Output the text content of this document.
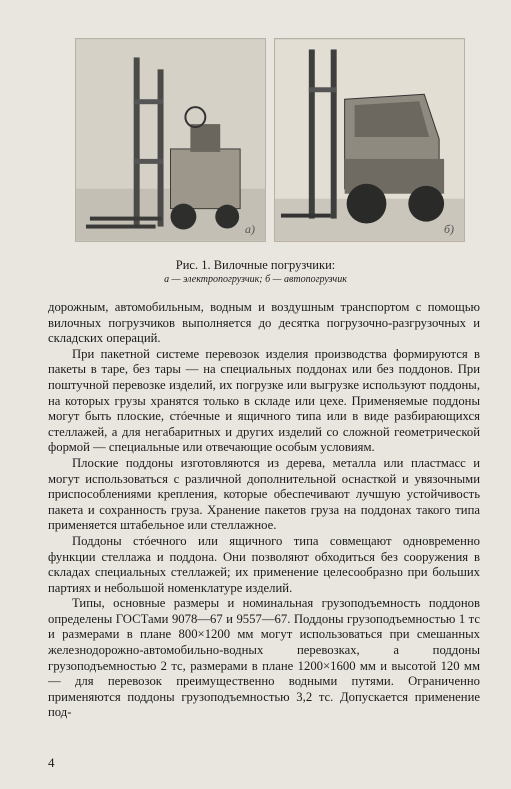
а)	б)
Рис. 1. Вилочные погрузчики:
а — электропогрузчик; б — автопогрузчик

дорожным, автомобильным, водным и воздушным транспортом с помощью вилочных погрузчиков выполняется до десятка погрузочно-разгрузочных и складских операций.

При пакетной системе перевозок изделия производства формируются в пакеты в таре, без тары — на специальных поддонах или без поддонов. При поштучной перевозке изделий, их погрузке или выгрузке используют поддоны, на которых грузы хранятся только в складе или цехе. Применяемые поддоны могут быть плоские, стóечные и ящичного типа или в виде разбирающихся стеллажей, а для негабаритных и других изделий со сложной геометрической формой — специальные или отвечающие особым условиям.

Плоские поддоны изготовляются из дерева, металла или пластмасс и могут использоваться с различной дополнительной оснасткой и увязочными приспособлениями крепления, которые обеспечивают лучшую устойчивость пакета и сохранность груза. Хранение пакетов груза на поддонах такого типа применяется штабельное или стеллажное.

Поддоны стóечного или ящичного типа совмещают одновременно функции стеллажа и поддона. Они позволяют обходиться без сооружения в складах специальных стеллажей; их применение целесообразно при больших партиях и небольшой номенклатуре изделий.

Типы, основные размеры и номинальная грузоподъемность поддонов определены ГОСТами 9078—67 и 9557—67. Поддоны грузоподъемностью 1 тс и размерами в плане 800×1200 мм могут использоваться при смешанных железнодорожно-автомобильно-водных перевозках, а поддоны грузоподъемностью 2 тс, размерами в плане 1200×1600 мм и высотой 120 мм — для перевозок преимущественно водными путями. Ограниченно применяются поддоны грузоподъемностью 3,2 тс. Допускается применение под-

4
